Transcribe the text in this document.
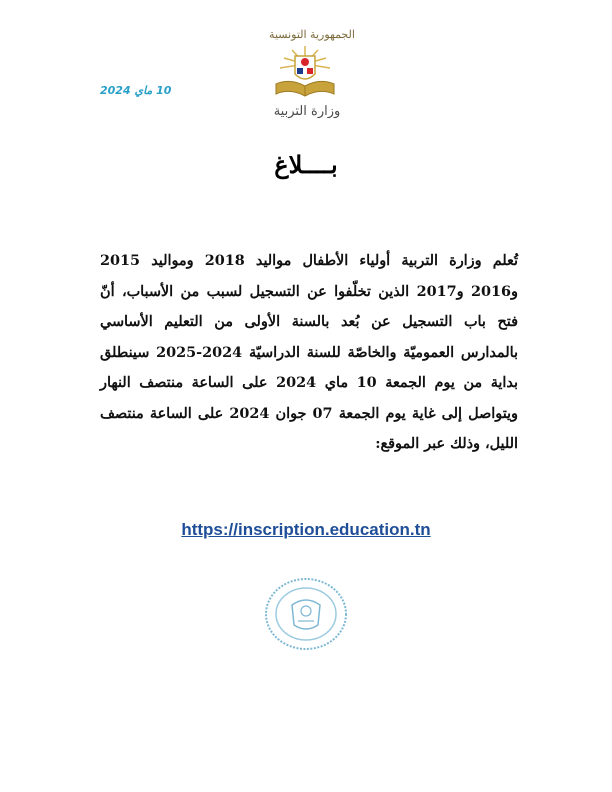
الجمهورية التونسية
وزارة التربية
10 ماي 2024
بــــلاغ
تُعلم وزارة التربية أولياء الأطفال مواليد 2018 ومواليد 2015 و2016 و2017 الذين تخلّفوا عن التسجيل لسبب من الأسباب، أنّ فتح باب التسجيل عن بُعد بالسنة الأولى من التعليم الأساسي بالمدارس العموميّة والخاصّة للسنة الدراسيّة 2024-2025 سينطلق بداية من يوم الجمعة 10 ماي 2024 على الساعة منتصف النهار ويتواصل إلى غاية يوم الجمعة 07 جوان 2024 على الساعة منتصف الليل، وذلك عبر الموقع:
https://inscription.education.tn
